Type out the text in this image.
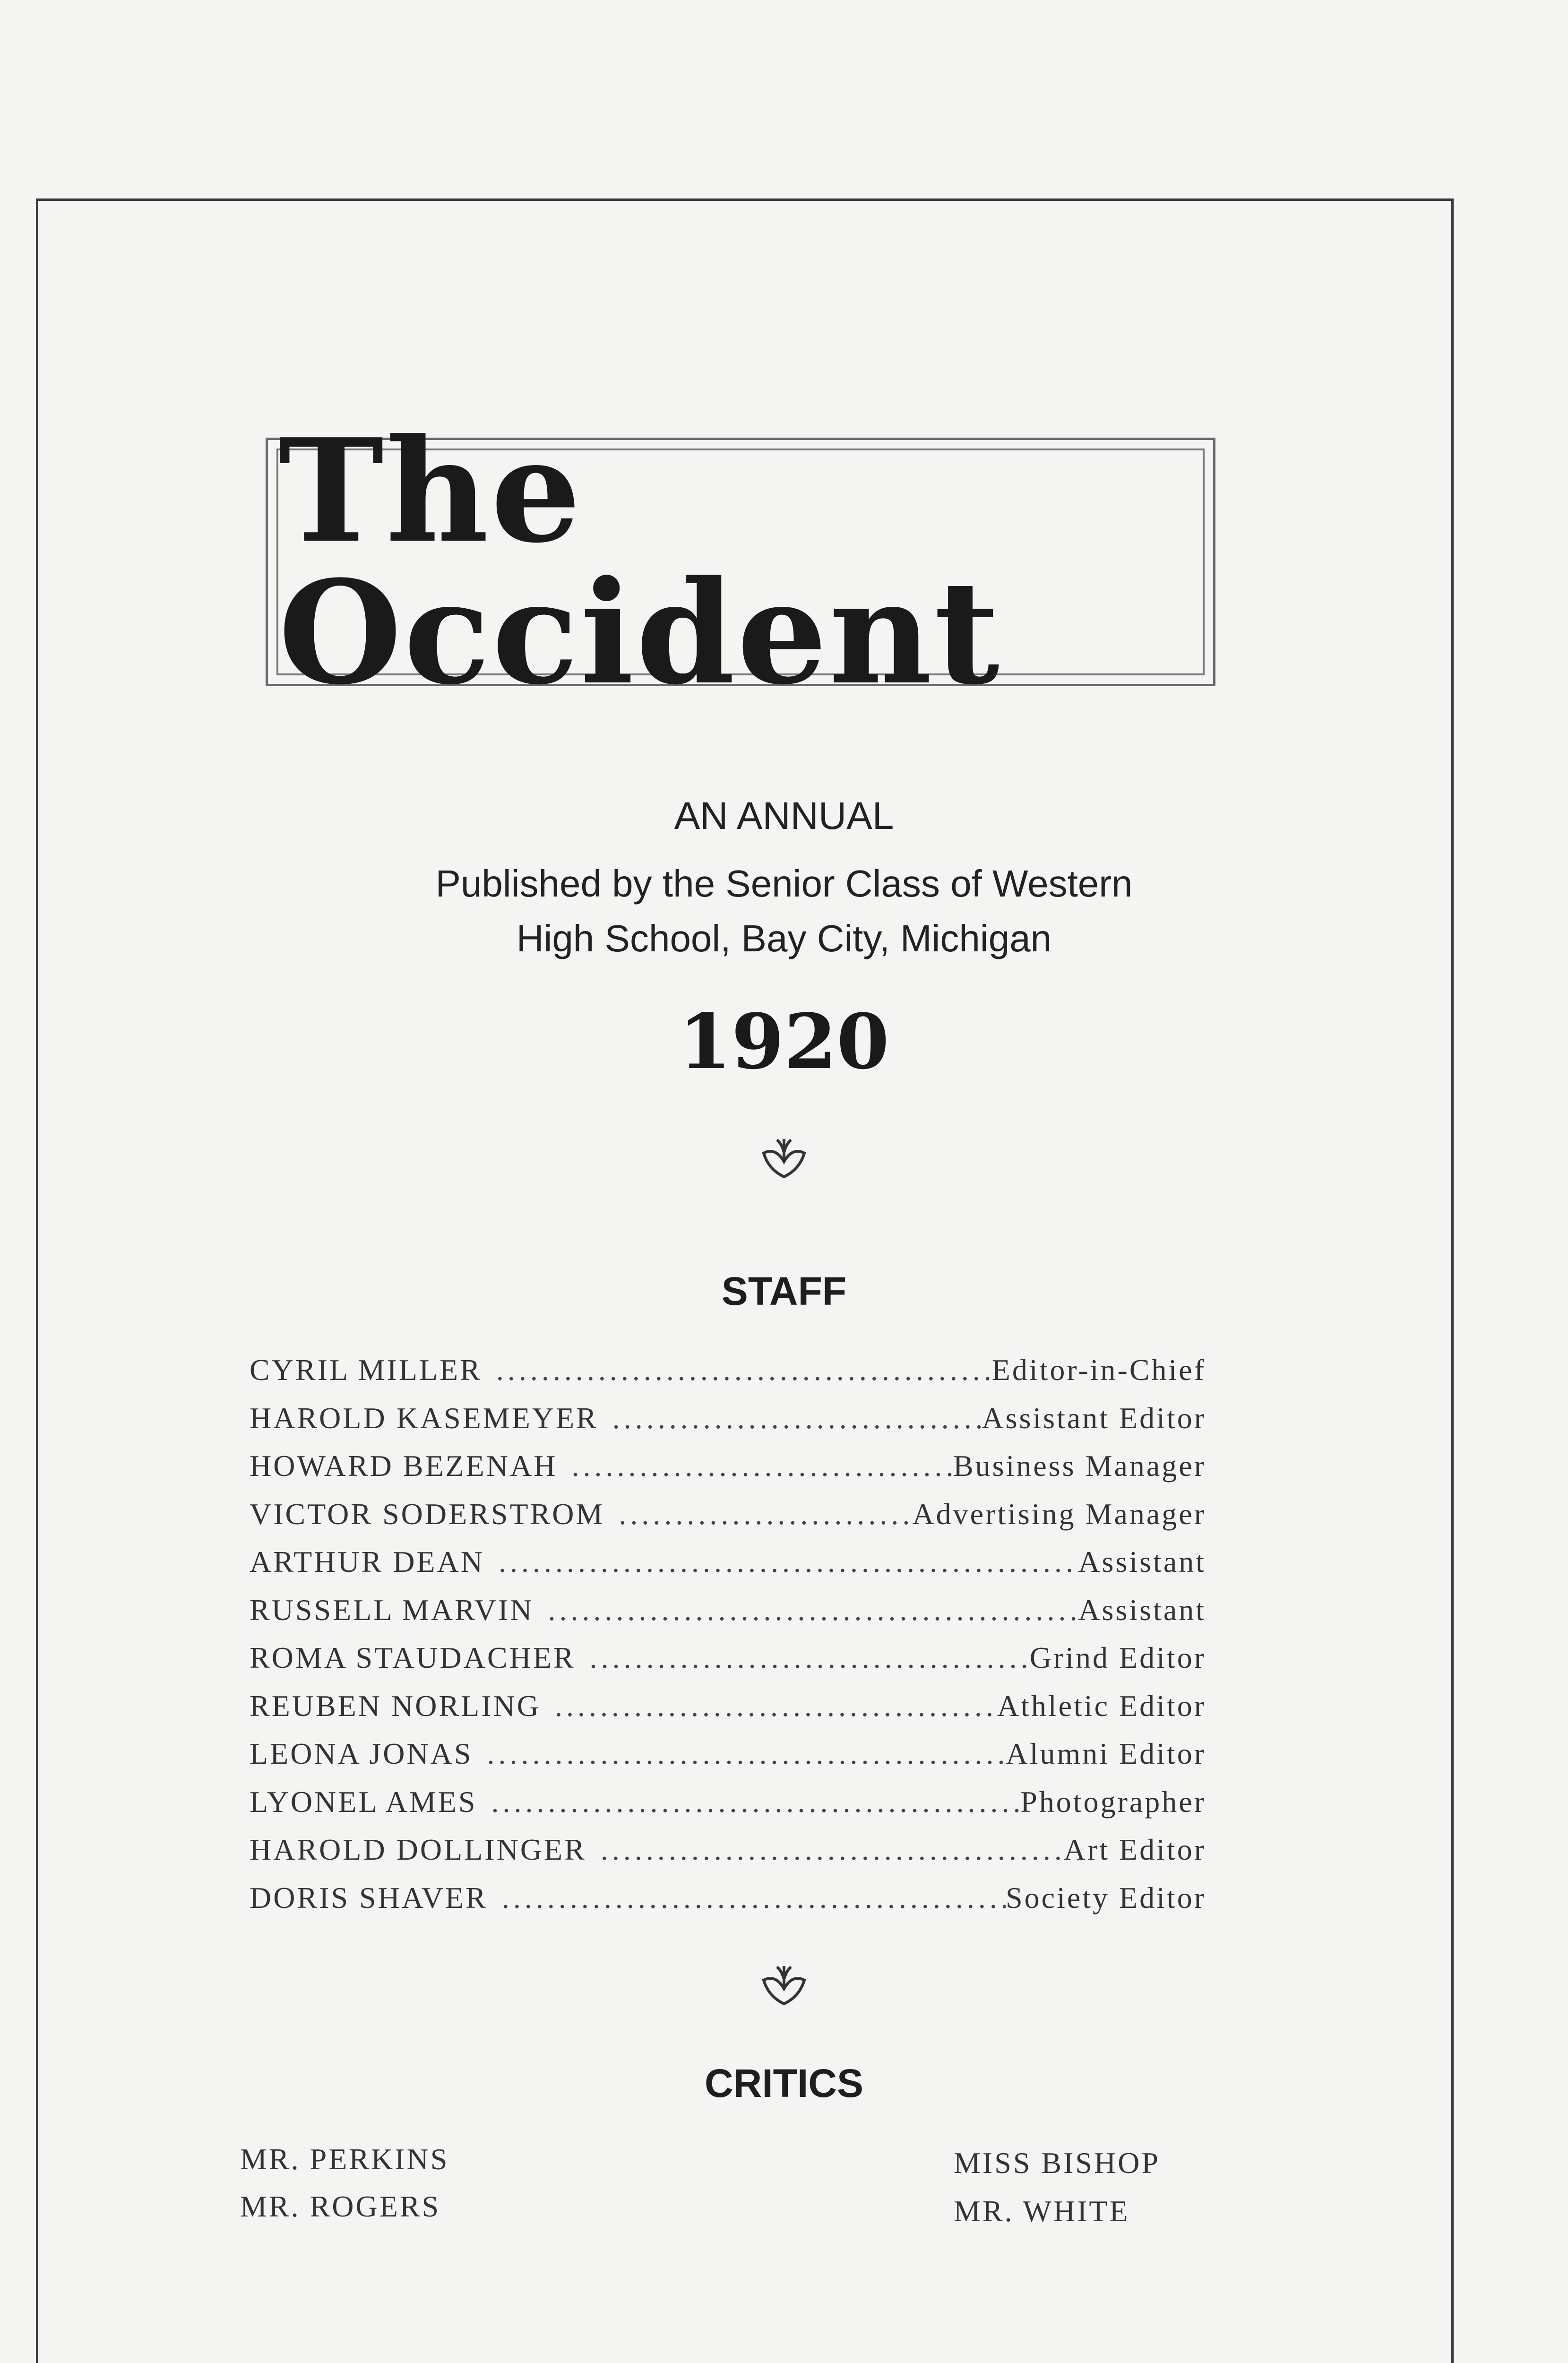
The Occident
AN ANNUAL
Published by the Senior Class of Western
High School, Bay City, Michigan
1920
STAFF
CYRIL MILLER .....	Editor-in-Chief
HAROLD KASEMEYER .....	Assistant Editor
HOWARD BEZENAH .....	Business Manager
VICTOR SODERSTROM .....	Advertising Manager
ARTHUR DEAN .....	Assistant
RUSSELL MARVIN .....	Assistant
ROMA STAUDACHER .....	Grind Editor
REUBEN NORLING .....	Athletic Editor
LEONA JONAS .....	Alumni Editor
LYONEL AMES .....	Photographer
HAROLD DOLLINGER .....	Art Editor
DORIS SHAVER .....	Society Editor
CRITICS
MR. PERKINS
MR. ROGERS
MISS BISHOP
MR. WHITE
